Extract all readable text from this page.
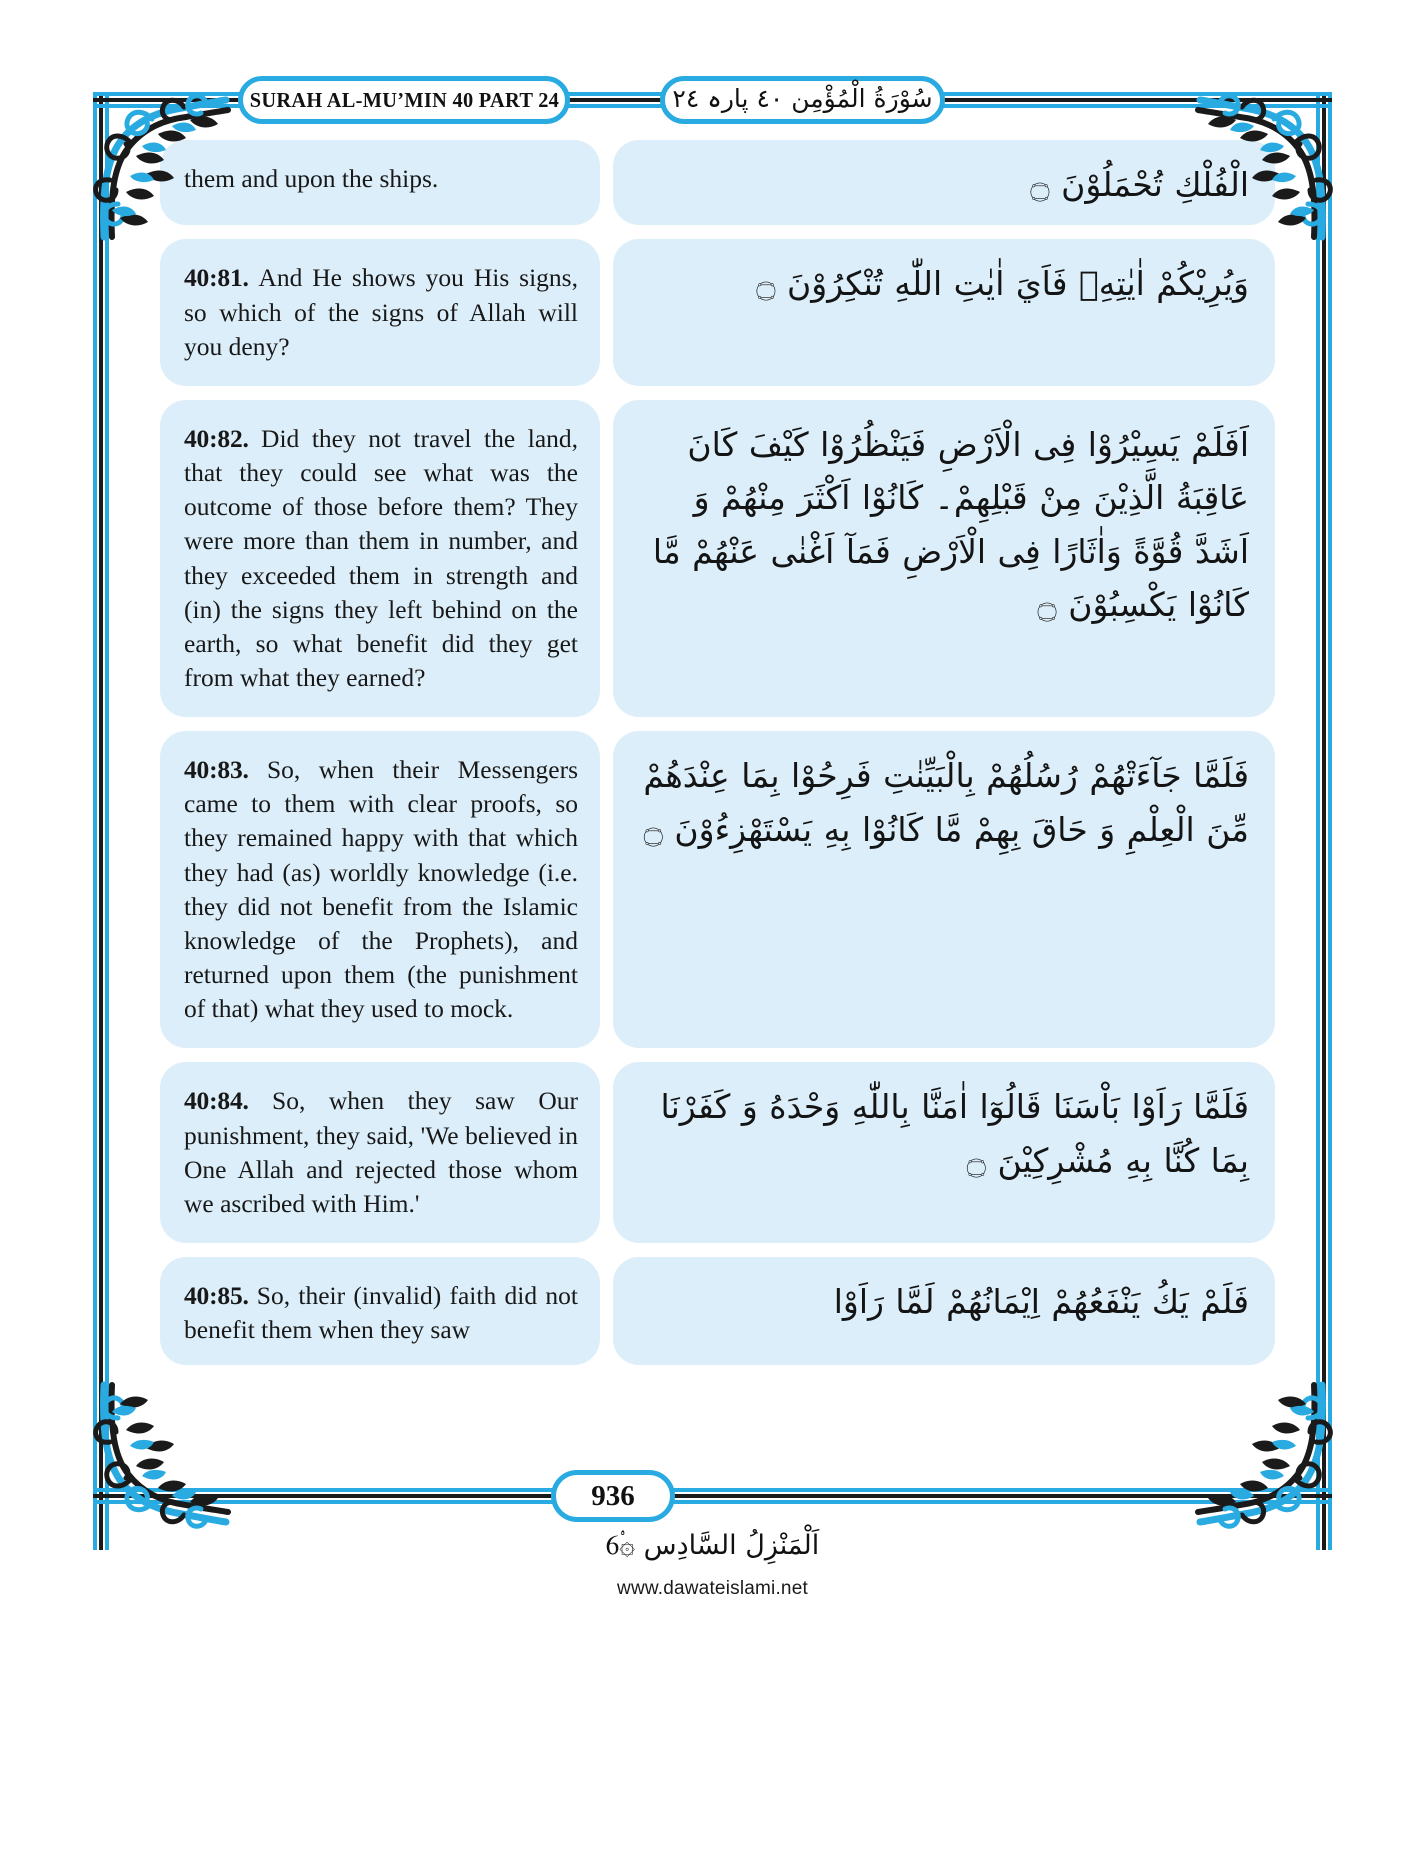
SURAH AL-MU’MIN 40 PART 24	سُوْرَةُ الْمُؤْمِن ٤٠ پارہ ٢٤
them and upon the ships.	الْفُلْكِ تُحْمَلُوْنَ ۝
40:81. And He shows you His signs, so which of the signs of Allah will you deny?
وَيُرِيْكُمْ اٰيٰتِهِۖ فَاَيَ اٰيٰتِ اللّٰهِ تُنْكِرُوْنَ ۝
40:82. Did they not travel the land, that they could see what was the outcome of those before them? They were more than them in number, and they exceeded them in strength and (in) the signs they left behind on the earth, so what benefit did they get from what they earned?
اَفَلَمْ يَسِيْرُوْا فِى الْاَرْضِ فَيَنْظُرُوْا كَيْفَ كَانَ عَاقِبَةُ الَّذِيْنَ مِنْ قَبْلِهِمْ۔ كَانُوْا اَكْثَرَ مِنْهُمْ وَ اَشَدَّ قُوَّةً وَاٰثَارًا فِى الْاَرْضِ فَمَآ اَغْنٰى عَنْهُمْ مَّا كَانُوْا يَكْسِبُوْنَ ۝
40:83. So, when their Messengers came to them with clear proofs, so they remained happy with that which they had (as) worldly knowledge (i.e. they did not benefit from the Islamic knowledge of the Prophets), and returned upon them (the punishment of that) what they used to mock.
فَلَمَّا جَآءَتْهُمْ رُسُلُهُمْ بِالْبَيِّنٰتِ فَرِحُوْا بِمَا عِنْدَهُمْ مِّنَ الْعِلْمِ وَ حَاقَ بِهِمْ مَّا كَانُوْا بِهِ يَسْتَهْزِءُوْنَ ۝
40:84. So, when they saw Our punishment, they said, 'We believed in One Allah and rejected those whom we ascribed with Him.'
فَلَمَّا رَاَوْا بَاْسَنَا قَالُوٓا اٰمَنَّا بِاللّٰهِ وَحْدَهُ وَ كَفَرْنَا بِمَا كُنَّا بِهِ مُشْرِكِيْنَ ۝
40:85. So, their (invalid) faith did not benefit them when they saw
فَلَمْ يَكُ يَنْفَعُهُمْ اِيْمَانُهُمْ لَمَّا رَاَوْا
936
اَلْمَنْزِلُ السَّادِس ۞6۟
www.dawateislami.net
